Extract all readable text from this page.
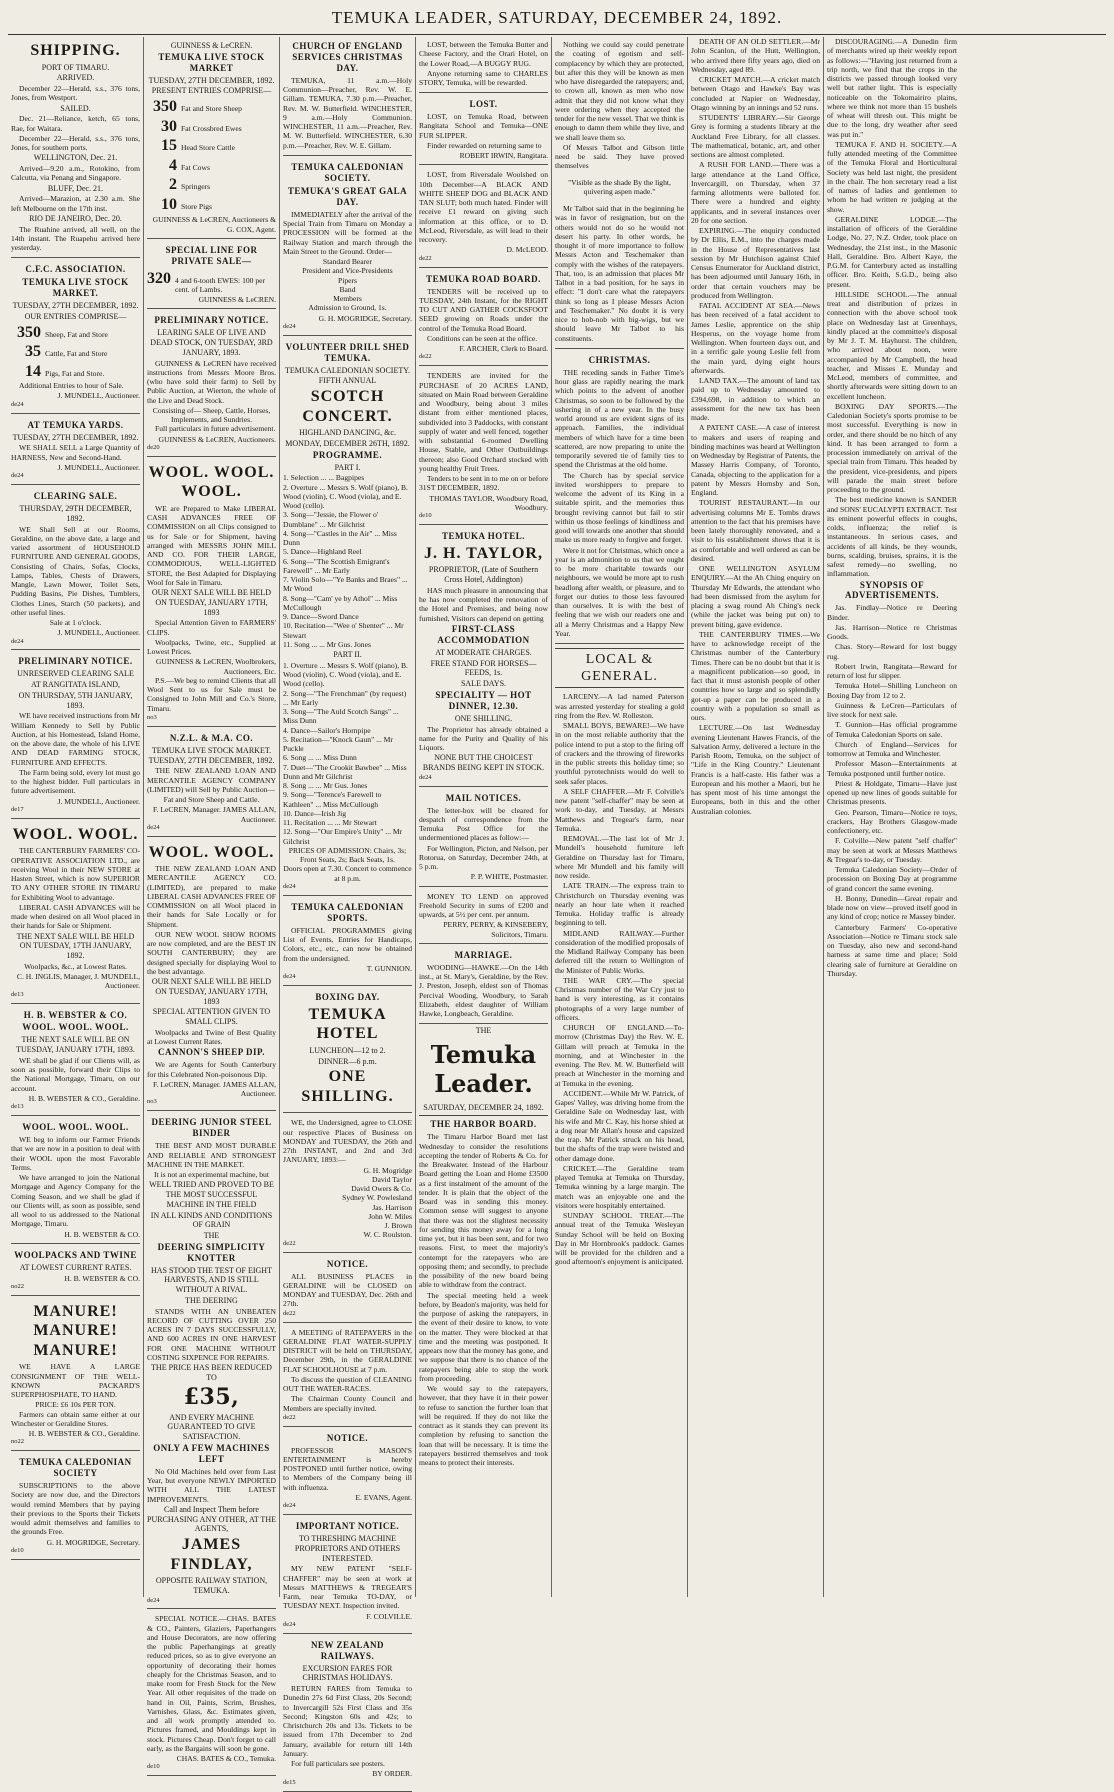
TEMUKA LEADER, SATURDAY, DECEMBER 24, 1892.
SHIPPING.
PORT OF TIMARU.
ARRIVED.

December 22—Herald, s.s., 376 tons, Jones, from Westport.

SAILED.

Dec. 21—Reliance, ketch, 65 tons, Rae, for Waitara.

December 22—Herald, s.s., 376 tons, Jones, for southern ports.

WELLINGTON, Dec. 21.

Arrived—9.20 a.m., Rotokino, from Calcutta, via Penang and Singapore.

BLUFF, Dec. 21.

Arrived—Marazion, at 2.30 a.m. She left Melbourne on the 17th inst.

RIO DE JANEIRO, Dec. 20.

The Ruahine arrived, all well, on the 14th instant. The Ruapehu arrived here yesterday.

C.F.C. ASSOCIATION.
TEMUKA LIVE STOCK MARKET.
TUESDAY, 27TH DECEMBER, 1892.
OUR ENTRIES COMPRISE—
350 Sheep, Fat and Store
35 Cattle, Fat and Store
14 Pigs, Fat and Store.

Additional Entries to hour of Sale.

J. MUNDELL, Auctioneer.
de24
AT TEMUKA YARDS.
TUESDAY, 27TH DECEMBER, 1892.

WE SHALL SELL a Large Quantity of HARNESS, New and Second-Hand.

J. MUNDELL, Auctioneer.
de24
CLEARING SALE.
THURSDAY, 29TH DECEMBER, 1892.

WE Shall Sell at our Rooms, Geraldine, on the above date, a large and varied assortment of HOUSEHOLD FURNITURE AND GENERAL GOODS, Consisting of Chairs, Sofas, Clocks, Lamps, Tables, Chests of Drawers, Mangle, Lawn Mower, Toilet Sets, Pudding Basins, Pie Dishes, Tumblers, Clothes Lines, Starch (50 packets), and other useful lines.

Sale at 1 o'clock.
J. MUNDELL, Auctioneer.
de24
PRELIMINARY NOTICE.
UNRESERVED CLEARING SALE
AT RANGITATA ISLAND,
ON THURSDAY, 5TH JANUARY, 1893.

WE have received instructions from Mr William Kennedy to Sell by Public Auction, at his Homestead, Island Home, on the above date, the whole of his LIVE AND DEAD FARMING STOCK, FURNITURE AND EFFECTS.

The Farm being sold, every lot must go to the highest bidder. Full particulars in future advertisement.

J. MUNDELL, Auctioneer.
de17
WOOL. WOOL.

THE CANTERBURY FARMERS' CO-OPERATIVE ASSOCIATION LTD., are receiving Wool in their NEW STORE at Hasten Street, which is now SUPERIOR TO ANY OTHER STORE IN TIMARU for Exhibiting Wool to advantage.

LIBERAL CASH ADVANCES will be made when desired on all Wool placed in their hands for Sale or Shipment.

THE NEXT SALE WILL BE HELD ON TUESDAY, 17TH JANUARY, 1892.
Woolpacks, &c., at Lowest Rates.
C. H. INGLIS, Manager, J. MUNDELL, Auctioneer.
de13
H. B. WEBSTER & CO.
WOOL. WOOL. WOOL.
THE NEXT SALE WILL BE ON TUESDAY, JANUARY 17TH, 1893.

WE shall be glad if our Clients will, as soon as possible, forward their Clips to the National Mortgage, Timaru, on our account.

H. B. WEBSTER & CO., Geraldine.
de13
WOOL. WOOL. WOOL.

WE beg to inform our Farmer Friends that we are now in a position to deal with their WOOL upon the most Favorable Terms.

We have arranged to join the National Mortgage and Agency Company for the Coming Season, and we shall be glad if our Clients will, as soon as possible, send all wool to us addressed to the National Mortgage, Timaru.

H. B. WEBSTER & CO.
WOOLPACKS AND TWINE
AT LOWEST CURRENT RATES.
H. B. WEBSTER & CO.
no22
MANURE! MANURE! MANURE!

WE HAVE A LARGE CONSIGNMENT OF THE WELL-KNOWN PACKARD'S SUPERPHOSPHATE, TO HAND.

PRICE: £6 10s PER TON.

Farmers can obtain same either at our Winchester or Geraldine Stores.

H. B. WEBSTER & CO., Geraldine.
no22
TEMUKA CALEDONIAN SOCIETY

SUBSCRIPTIONS to the above Society are now due, and the Directors would remind Members that by paying their previous to the Sports their Tickets would admit themselves and families to the grounds Free.

G. H. MOGRIDGE, Secretary.
de10
GUINNESS & LeCREN.
TEMUKA LIVE STOCK MARKET
TUESDAY, 27TH DECEMBER, 1892.
PRESENT ENTRIES COMPRISE—
350 Fat and Store Sheep
30 Fat Crossbred Ewes
15 Head Store Cattle
4 Fat Cows
2 Springers
10 Store Pigs
GUINNESS & LeCREN, Auctioneers & G. COX, Agent.
SPECIAL LINE FOR PRIVATE SALE—
320 4 and 6-tooth EWES: 100 per cent. of Lambs.
GUINNESS & LeCREN.
PRELIMINARY NOTICE.
LEARING SALE OF LIVE AND DEAD STOCK, ON TUESDAY, 3RD JANUARY, 1893.

GUINNESS & LeCREN have received instructions from Messrs Moore Bros. (who have sold their farm) to Sell by Public Auction, at Wierton, the whole of the Live and Dead Stock.

Consisting of— Sheep, Cattle, Horses, Implements, and Sundries.

Full particulars in future advertisement.

GUINNESS & LeCREN, Auctioneers.
de20
WOOL. WOOL. WOOL.

WE are Prepared to Make LIBERAL CASH ADVANCES FREE OF COMMISSION on all Clips consigned to us for Sale or for Shipment, having arranged with MESSRS JOHN MILL AND CO. FOR THEIR LARGE, COMMODIOUS, WELL-LIGHTED STORE, the Best Adapted for Displaying Wool for Sale in Timaru.

OUR NEXT SALE WILL BE HELD ON TUESDAY, JANUARY 17TH, 1893

Special Attention Given to FARMERS' CLIPS.

Woolpacks, Twine, etc., Supplied at Lowest Prices.

GUINNESS & LeCREN, Woolbrokers, Auctioneers, Etc.

P.S.—We beg to remind Clients that all Wool Sent to us for Sale must be Consigned to John Mill and Co.'s Store, Timaru.

no3
N.Z.L. & M.A. CO.
TEMUKA LIVE STOCK MARKET. TUESDAY, 27TH DECEMBER, 1892.

THE NEW ZEALAND LOAN AND MERCANTILE AGENCY COMPANY (LIMITED) will Sell by Public Auction—

Fat and Store Sheep and Cattle.
F. LeCREN, Manager. JAMES ALLAN, Auctioneer.
de24
WOOL. WOOL.

THE NEW ZEALAND LOAN AND MERCANTILE AGENCY CO. (LIMITED), are prepared to make LIBERAL CASH ADVANCES FREE OF COMMISSION on all Wool placed in their hands for Sale Locally or for Shipment.

OUR NEW WOOL SHOW ROOMS are now completed, and are the BEST IN SOUTH CANTERBURY; they are designed specially for displaying Wool to the best advantage.

OUR NEXT SALE WILL BE HELD ON TUESDAY, JANUARY 17TH, 1893
SPECIAL ATTENTION GIVEN TO SMALL CLIPS.

Woolpacks and Twine of Best Quality at Lowest Current Rates.

CANNON'S SHEEP DIP.

We are Agents for South Canterbury for this Celebrated Non-poisonous Dip.

F. LeCREN, Manager. JAMES ALLAN, Auctioneer.
no3
DEERING JUNIOR STEEL BINDER

THE BEST AND MOST DURABLE AND RELIABLE AND STRONGEST MACHINE IN THE MARKET.

It is not an experimental machine, but
WELL TRIED AND PROVED TO BE THE MOST SUCCESSFUL MACHINE IN THE FIELD
IN ALL KINDS AND CONDITIONS OF GRAIN
THE
DEERING SIMPLICITY KNOTTER
HAS STOOD THE TEST OF EIGHT HARVESTS, AND IS STILL WITHOUT A RIVAL.
THE DEERING

STANDS WITH AN UNBEATEN RECORD OF CUTTING OVER 250 ACRES IN 7 DAYS SUCCESSFULLY, AND 600 ACRES IN ONE HARVEST FOR ONE MACHINE WITHOUT COSTING SIXPENCE FOR REPAIRS.

THE PRICE HAS BEEN REDUCED TO
£35,
AND EVERY MACHINE GUARANTEED TO GIVE SATISFACTION.
ONLY A FEW MACHINES LEFT

No Old Machines held over from Last Year, but everyone NEWLY IMPORTED WITH ALL THE LATEST IMPROVEMENTS.

Call and Inspect Them before PURCHASING ANY OTHER, AT THE AGENTS,
JAMES FINDLAY,
OPPOSITE RAILWAY STATION, TEMUKA.
de24

SPECIAL NOTICE.—CHAS. BATES & CO., Painters, Glaziers, Paperhangers and House Decorators, are now offering the public Paperhangings at greatly reduced prices, so as to give everyone an opportunity of decorating their homes cheaply for the Christmas Season, and to make room for Fresh Stock for the New Year. All other requisites of the trade on hand in Oil, Paints, Scrim, Brushes, Varnishes, Glass, &c. Estimates given, and all work promptly attended to. Pictures framed, and Mouldings kept in stock. Pictures Cheap. Don't forget to call early, as the Bargains will soon be gone.

CHAS. BATES & CO., Temuka.
de10
CHURCH OF ENGLAND SERVICES CHRISTMAS DAY.

TEMUKA, 11 a.m.—Holy Communion—Preacher, Rev. W. E. Gillam. TEMUKA, 7.30 p.m.—Preacher, Rev. M. W. Butterfield. WINCHESTER, 9 a.m.—Holy Communion. WINCHESTER, 11 a.m.—Preacher, Rev. M. W. Butterfield. WINCHESTER, 6.30 p.m.—Preacher, Rev. W. E. Gillam.

TEMUKA CALEDONIAN SOCIETY.
TEMUKA'S GREAT GALA DAY.

IMMEDIATELY after the arrival of the Special Train from Timaru on Monday a PROCESSION will be formed at the Railway Station and march through the Main Street to the Ground. Order—

Standard Bearer
President and Vice-Presidents
Pipers
Band
Members
Admission to Ground, 1s.
G. H. MOGRIDGE, Secretary.
de24
VOLUNTEER DRILL SHED TEMUKA.
TEMUKA CALEDONIAN SOCIETY.
FIFTH ANNUAL
SCOTCH CONCERT.
HIGHLAND DANCING, &c.
MONDAY, DECEMBER 26TH, 1892.
PROGRAMME.
PART I.

1. Selection ... ... Bagpipes

2. Overture ... Messrs S. Wolf (piano), B. Wood (violin), C. Wood (viola), and E. Wood (cello).

3. Song—"Jessie, the Flower o' Dumblane" ... Mr Gilchrist

4. Song—"Castles in the Air" ... Miss Dunn

5. Dance—Highland Reel

6. Song—"The Scottish Emigrant's Farewell" ... Mr Early

7. Violin Solo—"Ye Banks and Braes" ... Mr Wood

8. Song—"Cam' ye by Athol" ... Miss McCullough

9. Dance—Sword Dance

10. Recitation—"Wee o' Shenter" ... Mr Stewart

11. Song ... ... Mr Gus. Jones

PART II.

1. Overture ... Messrs S. Wolf (piano), B. Wood (violin), C. Wood (viola), and E. Wood (cello).

2. Song—"The Frenchman" (by request) ... Mr Early

3. Song—"The Auld Scotch Sangs" ... Miss Dunn

4. Dance—Sailor's Hornpipe

5. Recitation—"Knock Gaun" ... Mr Puckle

6. Song ... ... Miss Dunn

7. Duet—"The Crookit Bawbee" ... Miss Dunn and Mr Gilchrist

8. Song ... ... Mr Gus. Jones

9. Song—"Terence's Farewell to Kathleen" ... Miss McCullough

10. Dance—Irish Jig

11. Recitation ... ... Mr Stewart

12. Song—"Our Empire's Unity" ... Mr Gilchrist

PRICES OF ADMISSION: Chairs, 3s; Front Seats, 2s; Back Seats, 1s.
Doors open at 7.30. Concert to commence at 8 p.m.
de24
TEMUKA CALEDONIAN SPORTS.

OFFICIAL PROGRAMMES giving List of Events, Entries for Handicaps, Colors, etc., etc., can now be obtained from the undersigned.

T. GUNNION.
de24
BOXING DAY.
TEMUKA HOTEL
LUNCHEON—12 to 2.
DINNER—6 p.m.
ONE SHILLING.

WE, the Undersigned, agree to CLOSE our respective Places of Business on MONDAY and TUESDAY, the 26th and 27th INSTANT, and 2nd and 3rd JANUARY, 1893:—

G. H. Mogridge
David Taylor
David Owers & Co.
Sydney W. Powlesland
Jas. Harrison
John W. Miles
J. Brown
W. C. Roulston.
de22
NOTICE.

ALL BUSINESS PLACES in GERALDINE will be CLOSED on MONDAY and TUESDAY, Dec. 26th and 27th.

de22

A MEETING of RATEPAYERS in the GERALDINE FLAT WATER-SUPPLY DISTRICT will be held on THURSDAY, December 29th, in the GERALDINE FLAT SCHOOLHOUSE at 7 p.m.

To discuss the question of CLEANING OUT THE WATER-RACES.

The Chairman County Council and Members are specially invited.

de22
NOTICE.

PROFESSOR MASON'S ENTERTAINMENT is hereby POSTPONED until further notice, owing to Members of the Company being ill with influenza.

E. EVANS, Agent.
de24
IMPORTANT NOTICE.
TO THRESHING MACHINE PROPRIETORS AND OTHERS INTERESTED.

MY NEW PATENT "SELF-CHAFFER" may be seen at work at Messrs MATTHEWS & TREGEAR'S Farm, near Temuka TO-DAY, or TUESDAY NEXT. Inspection invited.

F. COLVILLE.
de24
NEW ZEALAND RAILWAYS.
EXCURSION FARES FOR CHRISTMAS HOLIDAYS.

RETURN FARES from Temuka to Dunedin 27s 6d First Class, 20s Second; to Invercargill 52s First Class and 35s Second; Kingston 60s and 42s; to Christchurch 20s and 13s. Tickets to be issued from 17th December to 2nd January, available for return till 14th January.

For full particulars see posters.

BY ORDER.
de15

LOST, between the Temuka Butter and Cheese Factory, and the Orari Hotel, on the Lower Road,—A BUGGY RUG.

Anyone returning same to CHARLES STORY, Temuka, will be rewarded.

LOST.

LOST, on Temuka Road, between Rangitata School and Temuka—ONE FUR SLIPPER.

Finder rewarded on returning same to

ROBERT IRWIN, Rangitata.

LOST, from Riversdale Woolshed on 10th December—A BLACK AND WHITE SHEEP DOG and BLACK AND TAN SLUT; both much hated. Finder will receive £1 reward on giving such information at this office, or to D. McLeod, Riversdale, as will lead to their recovery.

D. McLEOD.
de22
TEMUKA ROAD BOARD.

TENDERS will be received up to TUESDAY, 24th Instant, for the RIGHT TO CUT AND GATHER COCKSFOOT SEED growing on Roads under the control of the Temuka Road Board.

Conditions can be seen at the office.

F. ARCHER, Clerk to Board.
de22

TENDERS are invited for the PURCHASE of 20 ACRES LAND, situated on Main Road between Geraldine and Woodbury, being about 3 miles distant from either mentioned places, subdivided into 3 Paddocks, with constant supply of water and well fenced, together with substantial 6-roomed Dwelling House, Stable, and Other Outbuildings thereon; also Good Orchard stocked with young healthy Fruit Trees.

Tenders to be sent in to me on or before 31ST DECEMBER, 1892.

THOMAS TAYLOR, Woodbury Road, Woodbury.
de10
TEMUKA HOTEL.
J. H. TAYLOR,
PROPRIETOR, (Late of Southern Cross Hotel, Addington)

HAS much pleasure in announcing that he has now completed the renovation of the Hotel and Premises, and being now furnished, Visitors can depend on getting

FIRST-CLASS ACCOMMODATION
AT MODERATE CHARGES.
FREE STAND FOR HORSES—FEEDS, 1s.
SALE DAYS.
SPECIALITY — HOT DINNER, 12.30.
ONE SHILLING.

The Proprietor has already obtained a name for the Purity and Quality of his Liquors.

NONE BUT THE CHOICEST BRANDS BEING KEPT IN STOCK.
de24
MAIL NOTICES.

The letter-box will be cleared for despatch of correspondence from the Temuka Post Office for the undermentioned places as follow:—

For Wellington, Picton, and Nelson, per Rotorua, on Saturday, December 24th, at 5 p.m.

P. P. WHITE, Postmaster.

MONEY TO LEND on approved Freehold Security in sums of £200 and upwards, at 5½ per cent. per annum.

PERRY, PERRY, & KINSEBERY, Solicitors, Timaru.
MARRIAGE.

WOODING—HAWKE.—On the 14th inst., at St. Mary's, Geraldine, by the Rev. J. Preston, Joseph, eldest son of Thomas Percival Wooding, Woodbury, to Sarah Elizabeth, eldest daughter of William Hawke, Longbeach, Geraldine.

THE
Temuka Leader.
SATURDAY, DECEMBER 24, 1892.
THE HARBOR BOARD.

The Timaru Harbor Board met last Wednesday to consider the resolutions accepting the tender of Roberts & Co. for the Breakwater. Instead of the Harbour Board getting the Loan and Home £3500 as a first instalment of the amount of the tender. It is plain that the object of the Board was in sending this money. Common sense will suggest to anyone that there was not the slightest necessity for sending this money away for a long time yet, but it has been sent, and for two reasons. First, to meet the majority's contempt for the ratepayers who are opposing them; and secondly, to preclude the possibility of the new board being able to withdraw from the contract.

The special meeting held a week before, by Beadon's majority, was held for the purpose of asking the ratepayers, in the event of their desire to know, to vote on the matter. They were blocked at that time and the meeting was postponed. It appears now that the money has gone, and we suppose that there is no chance of the ratepayers being able to stop the work from proceeding.

We would say to the ratepayers, however, that they have it in their power to refuse to sanction the further loan that will be required. If they do not like the contract as it stands they can prevent its completion by refusing to sanction the loan that will be necessary. It is time the ratepayers bestirred themselves and took means to protect their interests.

Nothing we could say could penetrate the coating of egotism and self-complacency by which they are protected, but after this they will be known as men who have disregarded the ratepayers; and, to crown all, known as men who now admit that they did not know what they were ordering when they accepted the tender for the new vessel. That we think is enough to damn them while they live, and we shall leave them so.

Of Messrs Talbot and Gibson little need be said. They have proved themselves

"Visible as the shade By the light, quivering aspen made."

Mr Talbot said that in the beginning he was in favor of resignation, but on the others would not do so he would not desert his party. In other words, he thought it of more importance to follow Messrs Acton and Teschemaker than comply with the wishes of the ratepayers. That, too, is an admission that places Mr Talbot in a bad position, for he says in effect: "I don't care what the ratepayers think so long as I please Messrs Acton and Teschemaker." No doubt it is very nice to hob-nob with big-wigs, but we should leave Mr Talbot to his constituents.

CHRISTMAS.

THE receding sands in Father Time's hour glass are rapidly nearing the mark which points to the advent of another Christmas, so soon to be followed by the ushering in of a new year. In the busy world around us are evident signs of its approach. Families, the individual members of which have for a time been scattered, are now preparing to unite the temporarily severed tie of family ties to spend the Christmas at the old home.

The Church has by special service invited worshippers to prepare to welcome the advent of its King in a suitable spirit, and the memories thus brought reviving cannot but fail to stir within us those feelings of kindliness and good will towards one another that should make us more ready to forgive and forget.

Were it not for Christmas, which once a year is an admonition to us that we ought to be more charitable towards our neighbours, we would be more apt to rush headlong after wealth, or pleasure, and to forget our duties to those less favoured than ourselves. It is with the best of feeling that we wish our readers one and all a Merry Christmas and a Happy New Year.

LOCAL & GENERAL.

LARCENY.—A lad named Paterson was arrested yesterday for stealing a gold ring from the Rev. W. Rolleston.

SMALL BOYS, BEWARE!—We have in on the most reliable authority that the police intend to put a stop to the firing off of crackers and the throwing of fireworks in the public streets this holiday time; so youthful pyrotechnists would do well to seek safer places.

A SELF CHAFFER.—Mr F. Colville's new patent "self-chaffer" may be seen at work to-day, and Tuesday, at Messrs Matthews and Tregear's farm, near Temuka.

REMOVAL.—The last lot of Mr J. Mundell's household furniture left Geraldine on Thursday last for Timaru, where Mr Mundell and his family will now reside.

LATE TRAIN.—The express train to Christchurch on Thursday evening was nearly an hour late when it reached Temuka. Holiday traffic is already beginning to tell.

MIDLAND RAILWAY.—Further consideration of the modified proposals of the Midland Railway Company has been deferred till the return to Wellington of the Minister of Public Works.

THE WAR CRY.—The special Christmas number of the War Cry just to hand is very interesting, as it contains photographs of a very large number of officers.

CHURCH OF ENGLAND.—To-morrow (Christmas Day) the Rev. W. E. Gillam will preach at Temuka in the morning, and at Winchester in the evening. The Rev. M. W. Butterfield will preach at Winchester in the morning and at Temuka in the evening.

ACCIDENT.—While Mr W. Patrick, of Gapes' Valley, was driving home from the Geraldine Sale on Wednesday last, with his wife and Mr C. Kay, his horse shied at a dog near Mr Allan's house and capsized the trap. Mr Patrick struck on his head, but the shafts of the trap were twisted and other damage done.

CRICKET.—The Geraldine team played Temuka at Temuka on Thursday, Temuka winning by a large margin. The match was an enjoyable one and the visitors were hospitably entertained.

SUNDAY SCHOOL TREAT.—The annual treat of the Temuka Wesleyan Sunday School will be held on Boxing Day in Mr Hornbrook's paddock. Games will be provided for the children and a good afternoon's enjoyment is anticipated.

DEATH OF AN OLD SETTLER.—Mr John Scanlon, of the Hutt, Wellington, who arrived there fifty years ago, died on Wednesday, aged 89.

CRICKET MATCH.—A cricket match between Otago and Hawke's Bay was concluded at Napier on Wednesday, Otago winning by an innings and 52 runs.

STUDENTS' LIBRARY.—Sir George Grey is forming a students library at the Auckland Free Library, for all classes. The mathematical, botanic, art, and other sections are almost completed.

A RUSH FOR LAND.—There was a large attendance at the Land Office, Invercargill, on Thursday, when 37 farming allotments were balloted for. There were a hundred and eighty applicants, and in several instances over 20 for one section.

EXPIRING.—The enquiry conducted by Dr Ellis, E.M., into the charges made in the House of Representatives last session by Mr Hutchison against Chief Census Enumerator for Auckland district, has been adjourned until January 16th, in order that certain vouchers may be produced from Wellington.

FATAL ACCIDENT AT SEA.—News has been received of a fatal accident to James Leslie, apprentice on the ship Hesperus, on the voyage home from Wellington. When fourteen days out, and in a terrific gale young Leslie fell from the main yard, dying eight hours afterwards.

LAND TAX.—The amount of land tax paid up to Wednesday amounted to £394,698, in addition to which an assessment for the new tax has been made.

A PATENT CASE.—A case of interest to makers and users of reaping and binding machines was heard at Wellington on Wednesday by Registrar of Patents, the Massey Harris Company, of Toronto, Canada, objecting to the application for a patent by Messrs Hornsby and Son, England.

TOURIST RESTAURANT.—In our advertising columns Mr E. Tombs draws attention to the fact that his premises have been lately thoroughly renovated, and a visit to his establishment shows that it is as comfortable and well ordered as can be desired.

ONE WELLINGTON ASYLUM ENQUIRY.—At the Ah Ching enquiry on Thursday Mr Edwards, the attendant who had been dismissed from the asylum for placing a swag round Ah Ching's neck (while the jacket was being put on) to prevent biting, gave evidence.

THE CANTERBURY TIMES.—We have to acknowledge receipt of the Christmas number of the Canterbury Times. There can be no doubt but that it is a magnificent publication—so good, in fact that it must astonish people of other countries how so large and so splendidly got-up a paper can be produced in a country with a population so small as ours.

LECTURE.—On last Wednesday evening Lieutenant Hawes Francis, of the Salvation Army, delivered a lecture in the Parish Room, Temuka, on the subject of "Life in the King Country." Lieutenant Francis is a half-caste. His father was a European and his mother a Maori, but he has spent most of his time amongst the Europeans, both in this and the other Australian colonies.

DISCOURAGING.—A Dunedin firm of merchants wired up their weekly report as follows:—"Having just returned from a trip north, we find that the crops in the districts we passed through looked very well but rather light. This is especially noticeable on the Tokomairiro plains, where we think not more than 15 bushels of wheat will thresh out. This might be due to the long, dry weather after seed was put in."

TEMUKA F. AND H. SOCIETY.—A fully attended meeting of the Committee of the Temuka Floral and Horticultural Society was held last night, the president in the chair. The hon secretary read a list of names of ladies and gentlemen to whom he had written re judging at the show.

GERALDINE LODGE.—The installation of officers of the Geraldine Lodge, No. 27, N.Z. Order, took place on Wednesday, the 21st inst., in the Masonic Hall, Geraldine. Bro. Albert Kaye, the P.G.M. for Canterbury acted as installing officer. Bro. Keith, S.G.D., being also present.

HILLSIDE SCHOOL.—The annual treat and distribution of prizes in connection with the above school took place on Wednesday last at Greenhays, kindly placed at the committee's disposal by Mr J. T. M. Hayhurst. The children, who arrived about noon, were accompanied by Mr Campbell, the head teacher, and Misses E. Munday and McLeod, members of committee, and shortly afterwards were sitting down to an excellent luncheon.

BOXING DAY SPORTS.—The Caledonian Society's sports promise to be most successful. Everything is now in order, and there should be no hitch of any kind. It has been arranged to form a procession immediately on arrival of the special train from Timaru. This headed by the president, vice-presidents, and pipers will parade the main street before proceeding to the ground.

The best medicine known is SANDER and SONS' EUCALYPTI EXTRACT. Test its eminent powerful effects in coughs, colds, influenza; the relief is instantaneous. In serious cases, and accidents of all kinds, be they wounds, burns, scalding, bruises, sprains, it is the safest remedy—no swelling, no inflammation.

SYNOPSIS OF ADVERTISEMENTS.

Jas. Findlay—Notice re Deering Binder.

Jas. Harrison—Notice re Christmas Goods.

Chas. Story—Reward for lost buggy rug.

Robert Irwin, Rangitata—Reward for return of lost fur slipper.

Temuka Hotel—Shilling Luncheon on Boxing Day from 12 to 2.

Guinness & LeCren—Particulars of live stock for next sale.

T. Gunnion—Has official programme of Temuka Caledonian Sports on sale.

Church of England—Services for tomorrow at Temuka and Winchester.

Professor Mason—Entertainments at Temuka postponed until further notice.

Priest & Holdgate, Timaru—Have just opened up new lines of goods suitable for Christmas presents.

Geo. Pearson, Timaru—Notice re toys, crackers, Hay Brothers Glasgow-made confectionery, etc.

F. Colville—New patent "self chaffer" may be seen at work at Messrs Matthews & Tregear's to-day, or Tuesday.

Temuka Caledonian Society—Order of procession on Boxing Day at programme of grand concert the same evening.

H. Bonny, Dunedin—Great repair and blade now on view—proved itself good in any kind of crop; notice re Massey binder.

Canterbury Farmers' Co-operative Association—Notice re Timaru stock sale on Tuesday, also new and second-hand harness at same time and place; Sold clearing sale of furniture at Geraldine on Thursday.
